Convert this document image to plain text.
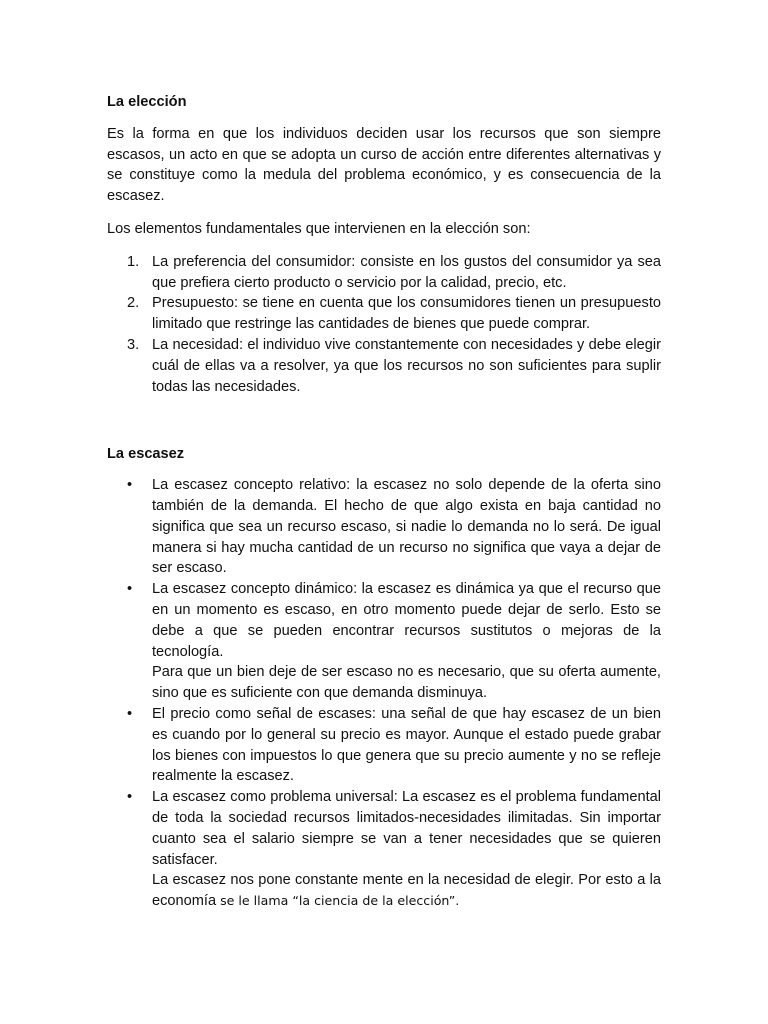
La elección

Es la forma en que los individuos deciden usar los recursos que son siempre escasos, un acto en que se adopta un curso de acción entre diferentes alternativas y se constituye como la medula del problema económico, y es consecuencia de la escasez.

Los elementos fundamentales que intervienen en la elección son:

1. La preferencia del consumidor: consiste en los gustos del consumidor ya sea que prefiera cierto producto o servicio por la calidad, precio, etc.
2. Presupuesto: se tiene en cuenta que los consumidores tienen un presupuesto limitado que restringe las cantidades de bienes que puede comprar.
3. La necesidad: el individuo vive constantemente con necesidades y debe elegir cuál de ellas va a resolver, ya que los recursos no son suficientes para suplir todas las necesidades.
La escasez
• La escasez concepto relativo: la escasez no solo depende de la oferta sino también de la demanda. El hecho de que algo exista en baja cantidad no significa que sea un recurso escaso, si nadie lo demanda no lo será. De igual manera si hay mucha cantidad de un recurso no significa que vaya a dejar de ser escaso.
• La escasez concepto dinámico: la escasez es dinámica ya que el recurso que en un momento es escaso, en otro momento puede dejar de serlo. Esto se debe a que se pueden encontrar recursos sustitutos o mejoras de la tecnología.
Para que un bien deje de ser escaso no es necesario, que su oferta aumente, sino que es suficiente con que demanda disminuya.
• El precio como señal de escases: una señal de que hay escasez de un bien es cuando por lo general su precio es mayor. Aunque el estado puede grabar los bienes con impuestos lo que genera que su precio aumente y no se refleje realmente la escasez.
• La escasez como problema universal: La escasez es el problema fundamental de toda la sociedad recursos limitados-necesidades ilimitadas. Sin importar cuanto sea el salario siempre se van a tener necesidades que se quieren satisfacer.
La escasez nos pone constante mente en la necesidad de elegir. Por esto a la economía se le llama “la ciencia de la elección”.
